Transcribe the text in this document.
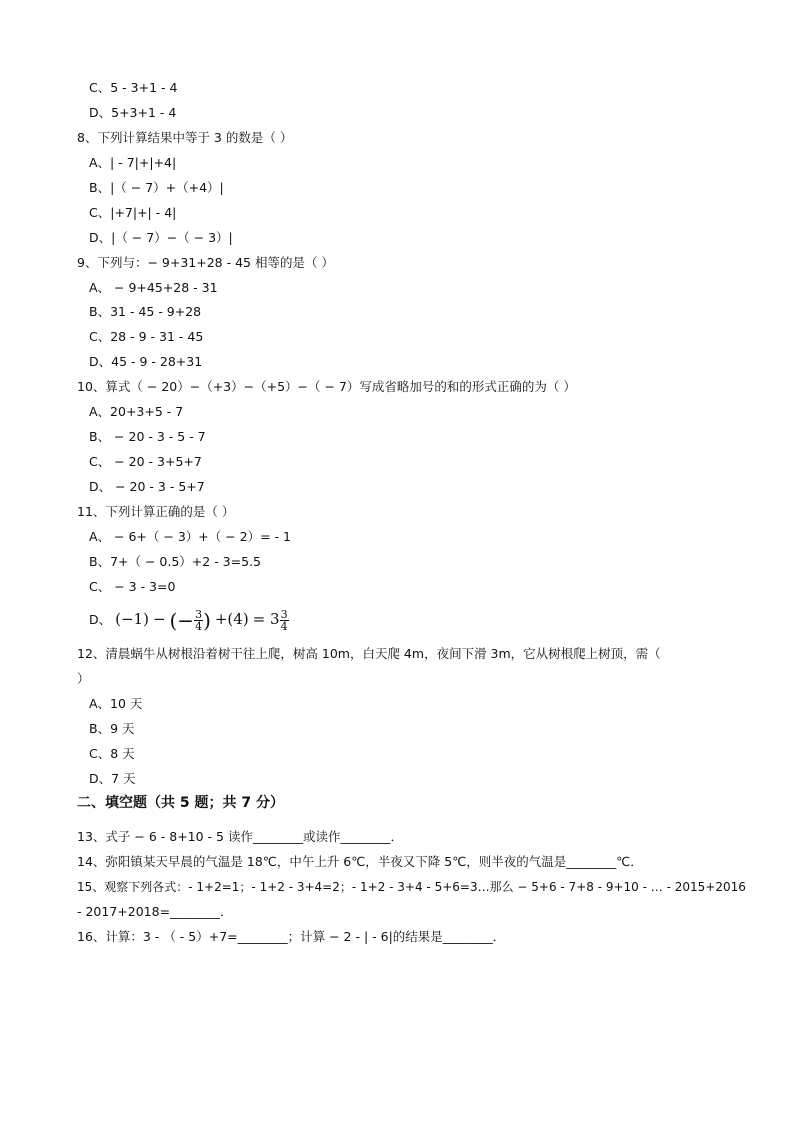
C、5 - 3+1 - 4
D、5+3+1 - 4
8、下列计算结果中等于 3 的数是（ ）
A、| - 7|+|+4|
B、|（ − 7）+（+4）|
C、|+7|+| - 4|
D、|（ − 7）−（ − 3）|
9、下列与：− 9+31+28 - 45 相等的是（ ）
A、 − 9+45+28 - 31
B、31 - 45 - 9+28
C、28 - 9 - 31 - 45
D、45 - 9 - 28+31
10、算式（ − 20）−（+3）−（+5）−（ − 7）写成省略加号的和的形式正确的为（ ）
A、20+3+5 - 7
B、 − 20 - 3 - 5 - 7
C、 − 20 - 3+5+7
D、 − 20 - 3 - 5+7
11、下列计算正确的是（ ）
A、 − 6+（ − 3）+（ − 2）= - 1
B、7+（ − 0.5）+2 - 3=5.5
C、 − 3 - 3=0
D、 (−1) − (− $\frac{3}{4}$ ) $+(4) = 3 \frac{3}{4}$
12、清晨蜗牛从树根沿着树干往上爬，树高 10m，白天爬 4m，夜间下滑 3m，它从树根爬上树顶，需（
）
A、10 天
B、9 天
C、8 天
D、7 天
二、填空题（共 5 题；共 7 分）
13、式子 − 6 - 8+10 - 5 读作________或读作________．
14、弥阳镇某天早晨的气温是 18℃，中午上升 6℃，半夜又下降 5℃，则半夜的气温是________℃．
15、观察下列各式：- 1+2=1；- 1+2 - 3+4=2；- 1+2 - 3+4 - 5+6=3…那么 − 5+6 - 7+8 - 9+10 - … - 2015+2016
- 2017+2018=________．
16、计算：3 - （ - 5）+7=________；计算 − 2 - | - 6|的结果是________．
